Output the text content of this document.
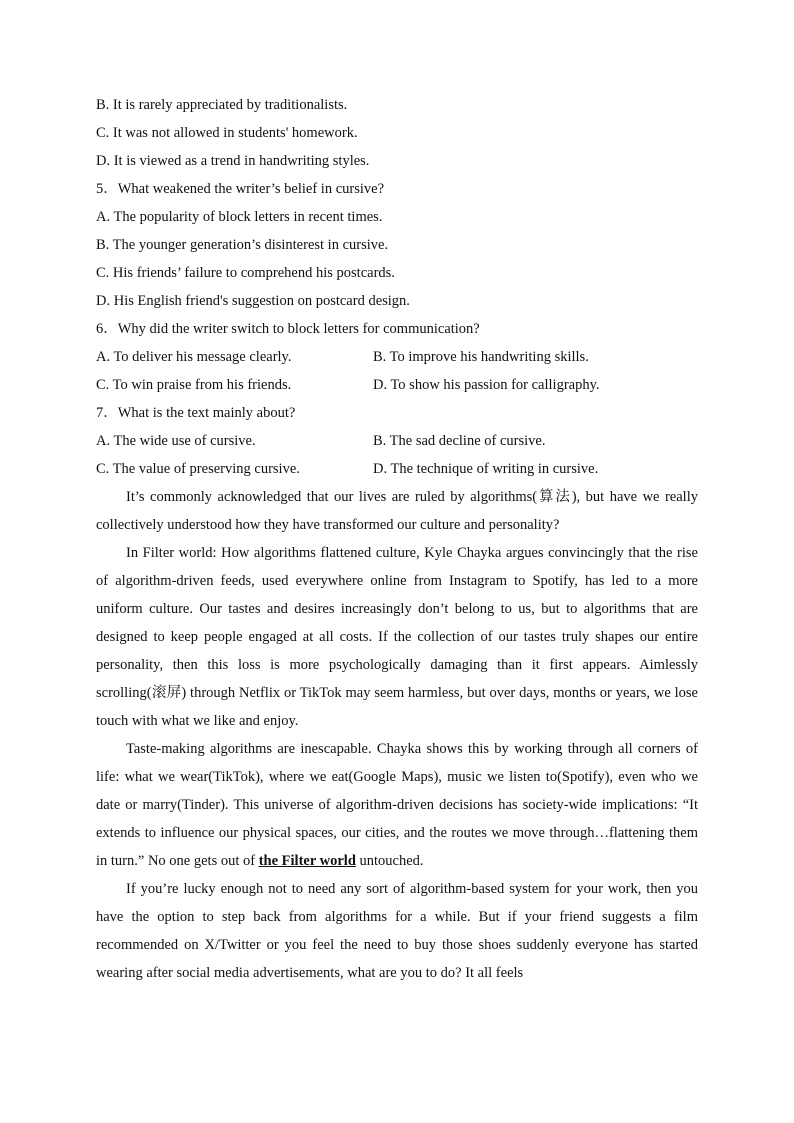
B. It is rarely appreciated by traditionalists.
C. It was not allowed in students' homework.
D. It is viewed as a trend in handwriting styles.
5．What weakened the writer’s belief in cursive?
A. The popularity of block letters in recent times.
B. The younger generation’s disinterest in cursive.
C. His friends’ failure to comprehend his postcards.
D. His English friend's suggestion on postcard design.
6．Why did the writer switch to block letters for communication?
A. To deliver his message clearly.	B. To improve his handwriting skills.
C. To win praise from his friends.	D. To show his passion for calligraphy.
7．What is the text mainly about?
A. The wide use of cursive.	B. The sad decline of cursive.
C. The value of preserving cursive.	D. The technique of writing in cursive.

It’s commonly acknowledged that our lives are ruled by algorithms(算法), but have we really collectively understood how they have transformed our culture and personality?

In Filter world: How algorithms flattened culture, Kyle Chayka argues convincingly that the rise of algorithm-driven feeds, used everywhere online from Instagram to Spotify, has led to a more uniform culture. Our tastes and desires increasingly don’t belong to us, but to algorithms that are designed to keep people engaged at all costs. If the collection of our tastes truly shapes our entire personality, then this loss is more psychologically damaging than it first appears. Aimlessly scrolling(滚屏) through Netflix or TikTok may seem harmless, but over days, months or years, we lose touch with what we like and enjoy.

Taste-making algorithms are inescapable. Chayka shows this by working through all corners of life: what we wear(TikTok), where we eat(Google Maps), music we listen to(Spotify), even who we date or marry(Tinder). This universe of algorithm-driven decisions has society-wide implications: “It extends to influence our physical spaces, our cities, and the routes we move through…flattening them in turn.” No one gets out of the Filter world untouched.

If you’re lucky enough not to need any sort of algorithm-based system for your work, then you have the option to step back from algorithms for a while. But if your friend suggests a film recommended on X/Twitter or you feel the need to buy those shoes suddenly everyone has started wearing after social media advertisements, what are you to do? It all feels
